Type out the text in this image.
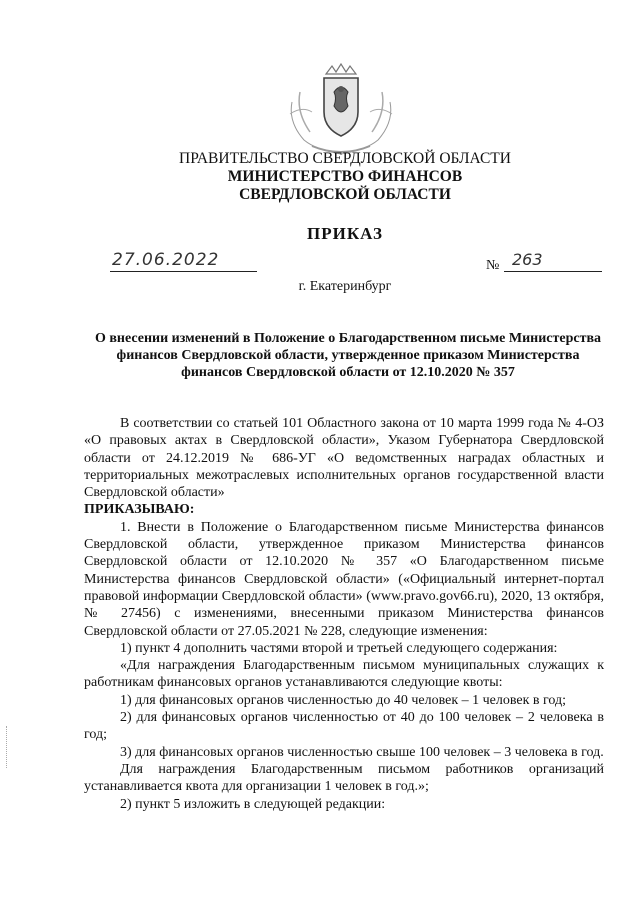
ПРАВИТЕЛЬСТВО СВЕРДЛОВСКОЙ ОБЛАСТИ
МИНИСТЕРСТВО ФИНАНСОВ
СВЕРДЛОВСКОЙ ОБЛАСТИ
ПРИКАЗ
27.06.2022	№ 263
г. Екатеринбург
О внесении изменений в Положение о Благодарственном письме Министерства финансов Свердловской области, утвержденное приказом Министерства финансов Свердловской области от 12.10.2020 № 357

В соответствии со статьей 101 Областного закона от 10 марта 1999 года № 4-ОЗ «О правовых актах в Свердловской области», Указом Губернатора Свердловской области от 24.12.2019 № 686-УГ «О ведомственных наградах областных и территориальных межотраслевых исполнительных органов государственной власти Свердловской области»

ПРИКАЗЫВАЮ:

1. Внести в Положение о Благодарственном письме Министерства финансов Свердловской области, утвержденное приказом Министерства финансов Свердловской области от 12.10.2020 № 357 «О Благодарственном письме Министерства финансов Свердловской области» («Официальный интернет-портал правовой информации Свердловской области» (www.pravo.gov66.ru), 2020, 13 октября, № 27456) с изменениями, внесенными приказом Министерства финансов Свердловской области от 27.05.2021 № 228, следующие изменения:

1) пункт 4 дополнить частями второй и третьей следующего содержания:

«Для награждения Благодарственным письмом муниципальных служащих к работникам финансовых органов устанавливаются следующие квоты:

1) для финансовых органов численностью до 40 человек – 1 человек в год;

2) для финансовых органов численностью от 40 до 100 человек – 2 человека в год;

3) для финансовых органов численностью свыше 100 человек – 3 человека в год.

Для награждения Благодарственным письмом работников организаций устанавливается квота для организации 1 человек в год.»;

2) пункт 5 изложить в следующей редакции:
